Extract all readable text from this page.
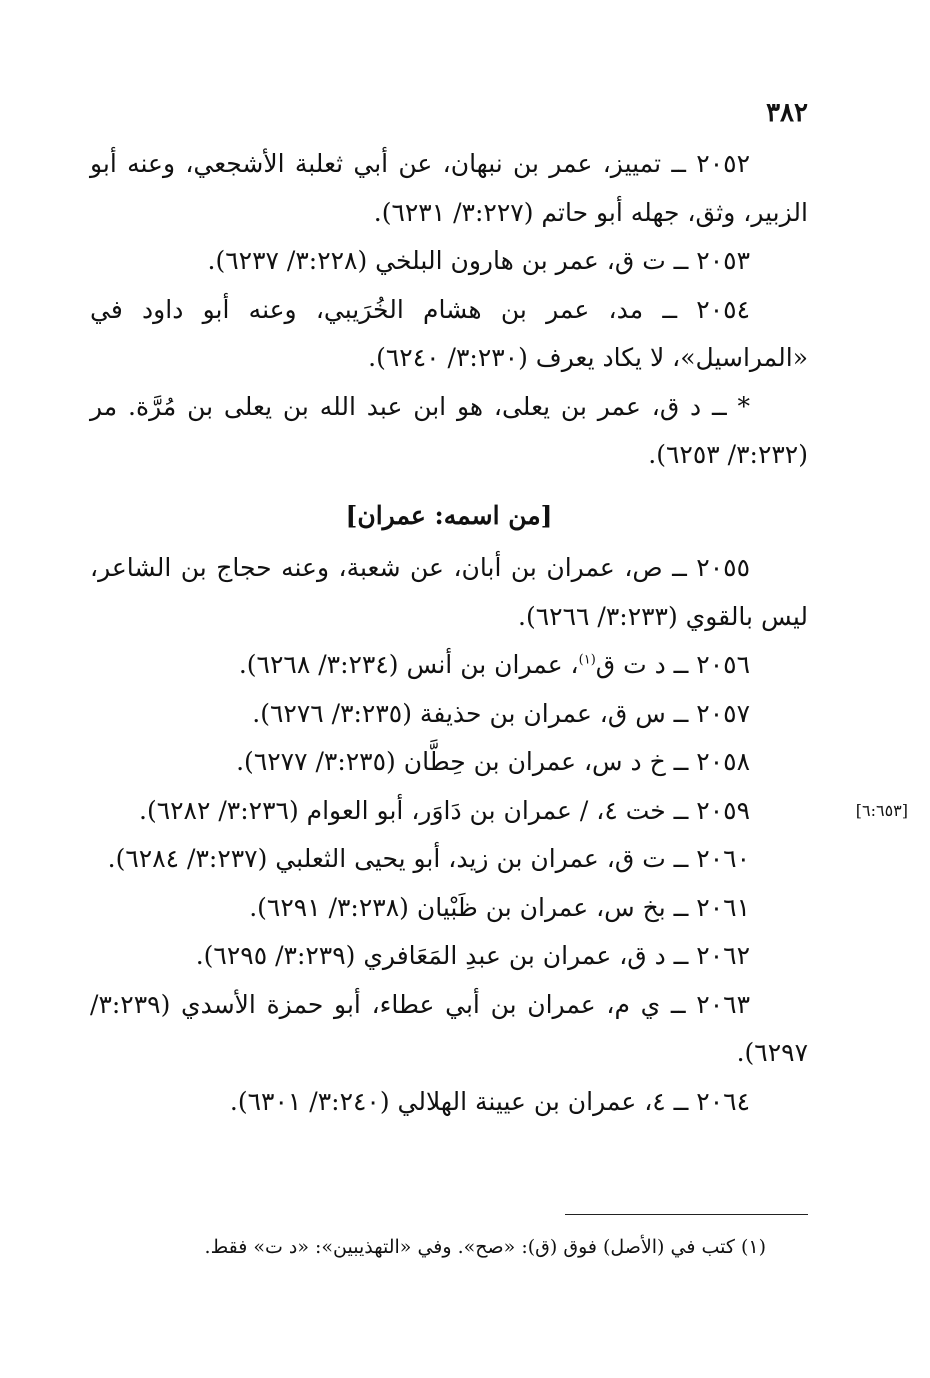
٣٨٢

٢٠٥٢ ــ تمييز، عمر بن نبهان، عن أبي ثعلبة الأشجعي، وعنه أبو الزبير، وثق، جهله أبو حاتم (٣:٢٢٧/ ٦٢٣١).

٢٠٥٣ ــ ت ق، عمر بن هارون البلخي (٣:٢٢٨/ ٦٢٣٧).

٢٠٥٤ ــ مد، عمر بن هشام الخُرَيبي، وعنه أبو داود في «المراسيل»، لا يكاد يعرف (٣:٢٣٠/ ٦٢٤٠).

* ــ د ق، عمر بن يعلى، هو ابن عبد الله بن يعلى بن مُرَّة. مر (٣:٢٣٢/ ٦٢٥٣).

[من اسمه: عمران]

٢٠٥٥ ــ ص، عمران بن أبان، عن شعبة، وعنه حجاج بن الشاعر، ليس بالقوي (٣:٢٣٣/ ٦٢٦٦).

٢٠٥٦ ــ د ت ق$^{(١)}$، عمران بن أنس (٣:٢٣٤/ ٦٢٦٨).

٢٠٥٧ ــ س ق، عمران بن حذيفة (٣:٢٣٥/ ٦٢٧٦).

٢٠٥٨ ــ خ د س، عمران بن حِطَّان (٣:٢٣٥/ ٦٢٧٧).

[٦:٦٥٣]
٢٠٥٩ ــ خت ٤، / عمران بن دَاوَر، أبو العوام (٣:٢٣٦/ ٦٢٨٢).

٢٠٦٠ ــ ت ق، عمران بن زيد، أبو يحيى الثعلبي (٣:٢٣٧/ ٦٢٨٤).

٢٠٦١ ــ بخ س، عمران بن ظَبْيان (٣:٢٣٨/ ٦٢٩١).

٢٠٦٢ ــ د ق، عمران بن عبدِ المَعَافري (٣:٢٣٩/ ٦٢٩٥).

٢٠٦٣ ــ ي م، عمران بن أبي عطاء، أبو حمزة الأسدي (٣:٢٣٩/ ٦٢٩٧).

٢٠٦٤ ــ ٤، عمران بن عيينة الهلالي (٣:٢٤٠/ ٦٣٠١).

(١) كتب في (الأصل) فوق (ق): «صح». وفي «التهذيبين»: «د ت» فقط.
